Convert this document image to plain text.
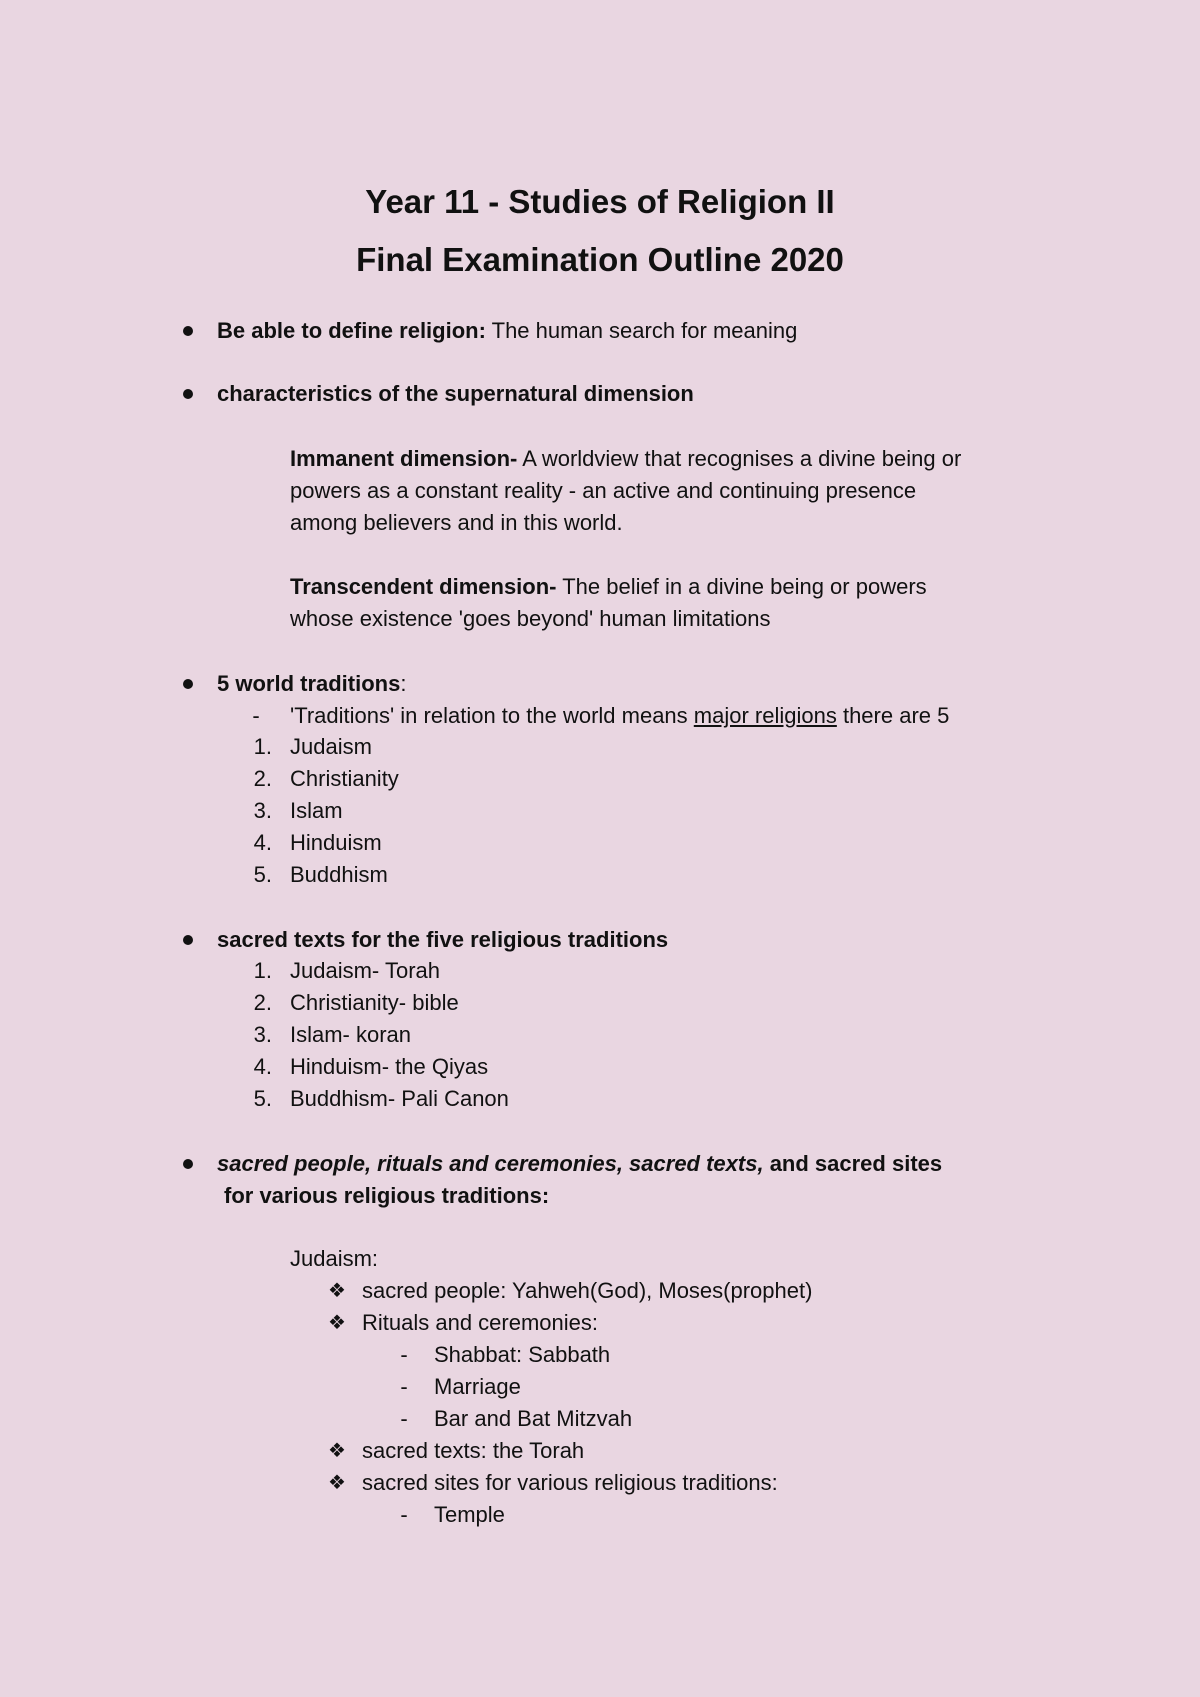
Year 11 - Studies of Religion II
Final Examination Outline 2020
Be able to define religion: The human search for meaning
characteristics of the supernatural dimension
Immanent dimension- A worldview that recognises a divine being or
powers as a constant reality - an active and continuing presence
among believers and in this world.
Transcendent dimension- The belief in a divine being or powers
whose existence 'goes beyond' human limitations
5 world traditions:
- 'Traditions' in relation to the world means major religions there are 5
1. Judaism
2. Christianity
3. Islam
4. Hinduism
5. Buddhism
sacred texts for the five religious traditions
1. Judaism- Torah
2. Christianity- bible
3. Islam- koran
4. Hinduism- the Qiyas
5. Buddhism- Pali Canon
sacred people, rituals and ceremonies, sacred texts, and sacred sites
for various religious traditions:
Judaism:
❖ sacred people: Yahweh(God), Moses(prophet)
❖ Rituals and ceremonies:
- Shabbat: Sabbath
- Marriage
- Bar and Bat Mitzvah
❖ sacred texts: the Torah
❖ sacred sites for various religious traditions:
- Temple
